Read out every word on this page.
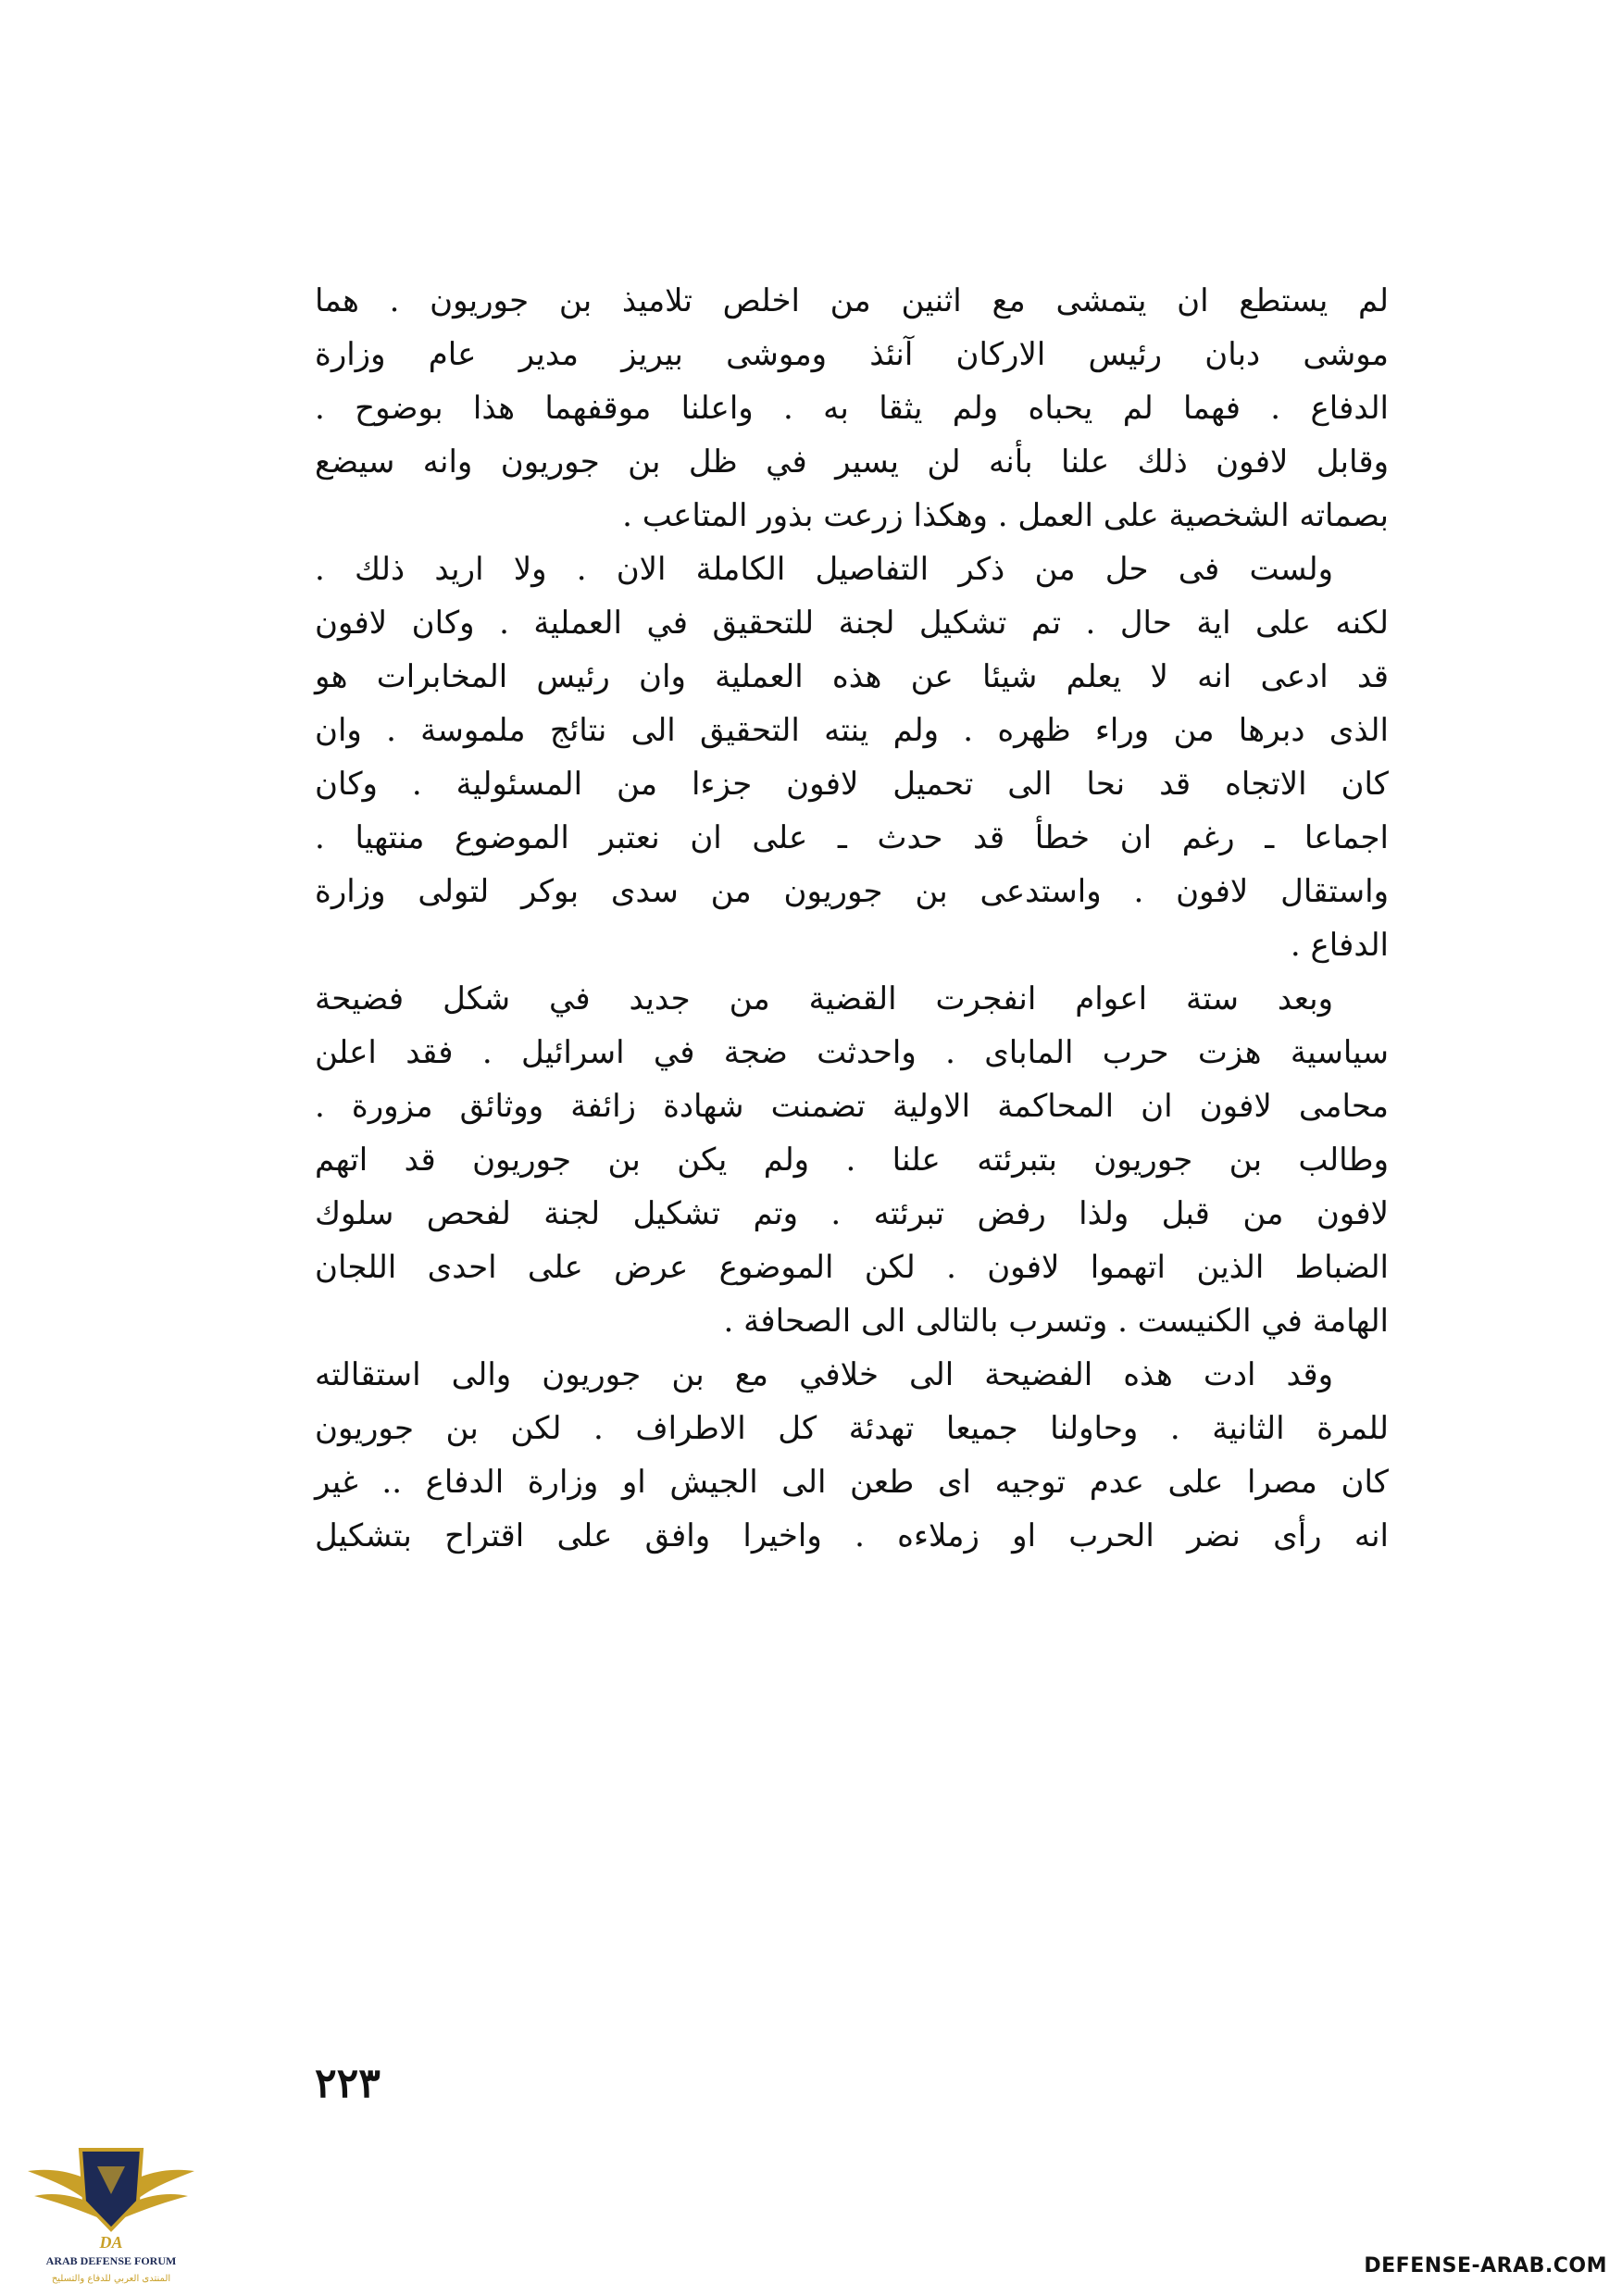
لم يستطع ان يتمشى مع اثنين من اخلص تلاميذ بن جوريون . هما
موشى دبان رئيس الاركان آنئذ وموشى بيريز مدير عام وزارة
الدفاع . فهما لم يحباه ولم يثقا به . واعلنا موقفهما هذا بوضوح .
وقابل لافون ذلك علنا بأنه لن يسير في ظل بن جوريون وانه سيضع
بصماته الشخصية على العمل . وهكذا زرعت بذور المتاعب .

ولست فى حل من ذكر التفاصيل الكاملة الان . ولا اريد ذلك .
لكنه على اية حال . تم تشكيل لجنة للتحقيق في العملية . وكان لافون
قد ادعى انه لا يعلم شيئا عن هذه العملية وان رئيس المخابرات هو
الذى دبرها من وراء ظهره . ولم ينته التحقيق الى نتائج ملموسة . وان
كان الاتجاه قد نحا الى تحميل لافون جزءا من المسئولية . وكان
اجماعا ـ رغم ان خطأ قد حدث ـ على ان نعتبر الموضوع منتهيا .
واستقال لافون . واستدعى بن جوريون من سدى بوكر لتولى وزارة
الدفاع .

وبعد ستة اعوام انفجرت القضية من جديد في شكل فضيحة
سياسية هزت حرب الماباى . واحدثت ضجة في اسرائيل . فقد اعلن
محامى لافون ان المحاكمة الاولية تضمنت شهادة زائفة ووثائق مزورة .
وطالب بن جوريون بتبرئته علنا . ولم يكن بن جوريون قد اتهم
لافون من قبل ولذا رفض تبرئته . وتم تشكيل لجنة لفحص سلوك
الضباط الذين اتهموا لافون . لكن الموضوع عرض على احدى اللجان
الهامة في الكنيست . وتسرب بالتالى الى الصحافة .

وقد ادت هذه الفضيحة الى خلافي مع بن جوريون والى استقالته
للمرة الثانية . وحاولنا جميعا تهدئة كل الاطراف . لكن بن جوريون
كان مصرا على عدم توجيه اى طعن الى الجيش او وزارة الدفاع .. غير
انه رأى نضر الحرب او زملاءه . واخيرا وافق على اقتراح بتشكيل

٢٢٣
DA
ARAB DEFENSE FORUM
المنتدى العربي للدفاع والتسليح
DEFENSE-ARAB.COM
